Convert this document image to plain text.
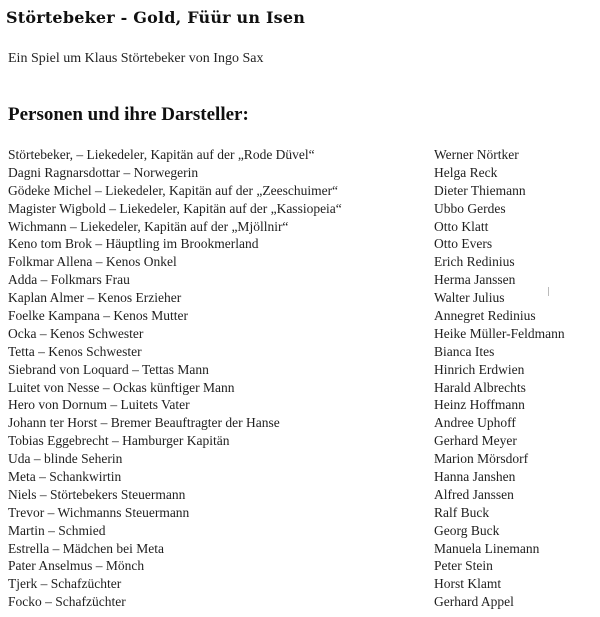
Störtebeker - Gold, Füür un Isen
Ein Spiel um Klaus Störtebeker von Ingo Sax
Personen und ihre Darsteller:
Störtebeker, – Liekedeler, Kapitän auf der „Rode Düvel“	Werner Nörtker
Dagni Ragnarsdottar – Norwegerin	Helga Reck
Gödeke Michel – Liekedeler, Kapitän auf der „Zeeschuimer“	Dieter Thiemann
Magister Wigbold – Liekedeler, Kapitän auf der „Kassiopeia“	Ubbo Gerdes
Wichmann – Liekedeler, Kapitän auf der „Mjöllnir“	Otto Klatt
Keno tom Brok – Häuptling im Brookmerland	Otto Evers
Folkmar Allena – Kenos Onkel	Erich Redinius
Adda – Folkmars Frau	Herma Janssen
Kaplan Almer – Kenos Erzieher	Walter Julius
Foelke Kampana – Kenos Mutter	Annegret Redinius
Ocka – Kenos Schwester	Heike Müller-Feldmann
Tetta – Kenos Schwester	Bianca Ites
Siebrand von Loquard – Tettas Mann	Hinrich Erdwien
Luitet von Nesse – Ockas künftiger Mann	Harald Albrechts
Hero von Dornum – Luitets Vater	Heinz Hoffmann
Johann ter Horst – Bremer Beauftragter der Hanse	Andree Uphoff
Tobias Eggebrecht – Hamburger Kapitän	Gerhard Meyer
Uda – blinde Seherin	Marion Mörsdorf
Meta – Schankwirtin	Hanna Janshen
Niels – Störtebekers Steuermann	Alfred Janssen
Trevor – Wichmanns Steuermann	Ralf Buck
Martin – Schmied	Georg Buck
Estrella – Mädchen bei Meta	Manuela Linemann
Pater Anselmus – Mönch	Peter Stein
Tjerk – Schafzüchter	Horst Klamt
Focko – Schafzüchter	Gerhard Appel
